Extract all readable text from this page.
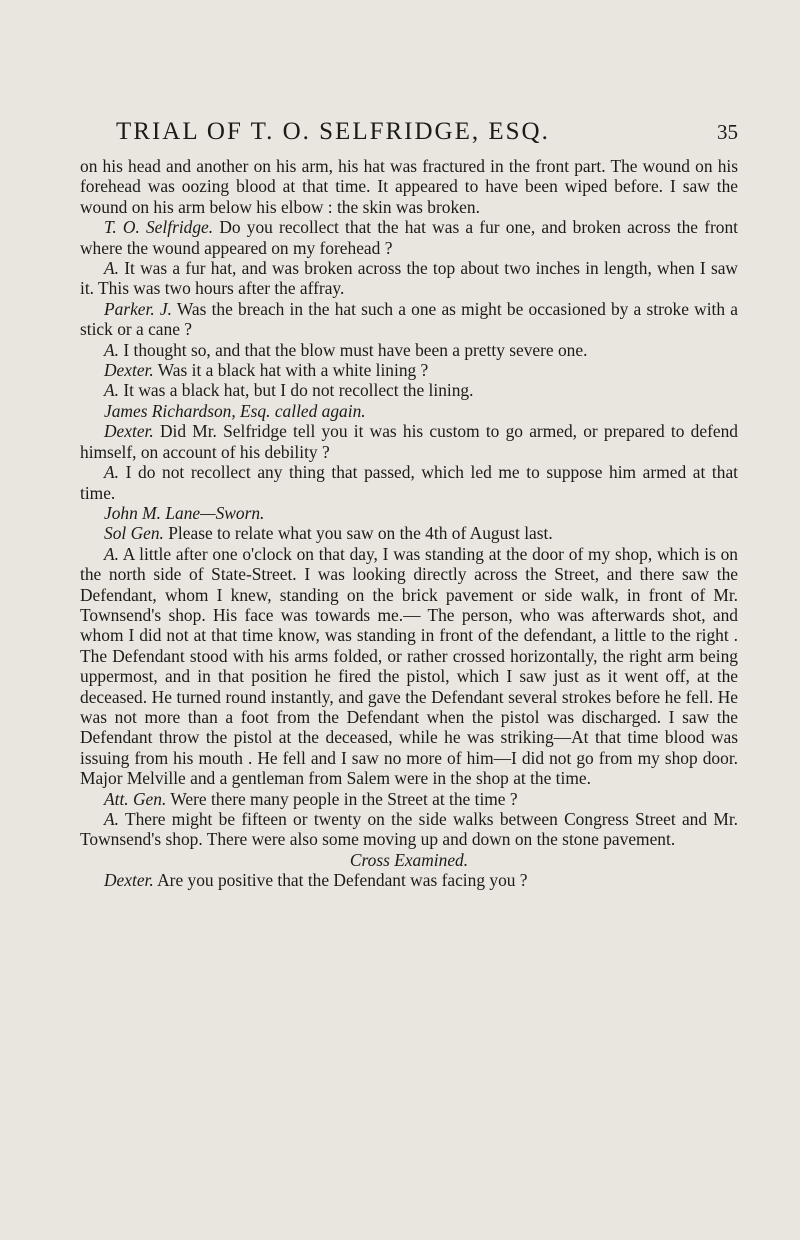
TRIAL OF T. O. SELFRIDGE, ESQ.	35

on his head and another on his arm, his hat was fractured in the front part. The wound on his forehead was oozing blood at that time. It appeared to have been wiped before. I saw the wound on his arm below his elbow : the skin was broken.

T. O. Selfridge. Do you recollect that the hat was a fur one, and broken across the front where the wound appeared on my forehead ?

A. It was a fur hat, and was broken across the top about two inches in length, when I saw it. This was two hours after the affray.

Parker. J. Was the breach in the hat such a one as might be occasioned by a stroke with a stick or a cane ?

A. I thought so, and that the blow must have been a pretty severe one.

Dexter. Was it a black hat with a white lining ?

A. It was a black hat, but I do not recollect the lining.

James Richardson, Esq. called again.

Dexter. Did Mr. Selfridge tell you it was his custom to go armed, or prepared to defend himself, on account of his debility ?

A. I do not recollect any thing that passed, which led me to suppose him armed at that time.

John M. Lane—Sworn.

Sol Gen. Please to relate what you saw on the 4th of August last.

A. A little after one o'clock on that day, I was standing at the door of my shop, which is on the north side of State-Street. I was looking directly across the Street, and there saw the Defendant, whom I knew, standing on the brick pavement or side walk, in front of Mr. Townsend's shop. His face was towards me.— The person, who was afterwards shot, and whom I did not at that time know, was standing in front of the defendant, a little to the right . The Defendant stood with his arms folded, or rather crossed horizontally, the right arm being uppermost, and in that position he fired the pistol, which I saw just as it went off, at the deceased. He turned round instantly, and gave the Defendant several strokes before he fell. He was not more than a foot from the Defendant when the pistol was discharged. I saw the Defendant throw the pistol at the deceased, while he was striking—At that time blood was issuing from his mouth . He fell and I saw no more of him—I did not go from my shop door. Major Melville and a gentleman from Salem were in the shop at the time.

Att. Gen. Were there many people in the Street at the time ?

A. There might be fifteen or twenty on the side walks between Congress Street and Mr. Townsend's shop. There were also some moving up and down on the stone pavement.

Cross Examined.

Dexter. Are you positive that the Defendant was facing you ?
